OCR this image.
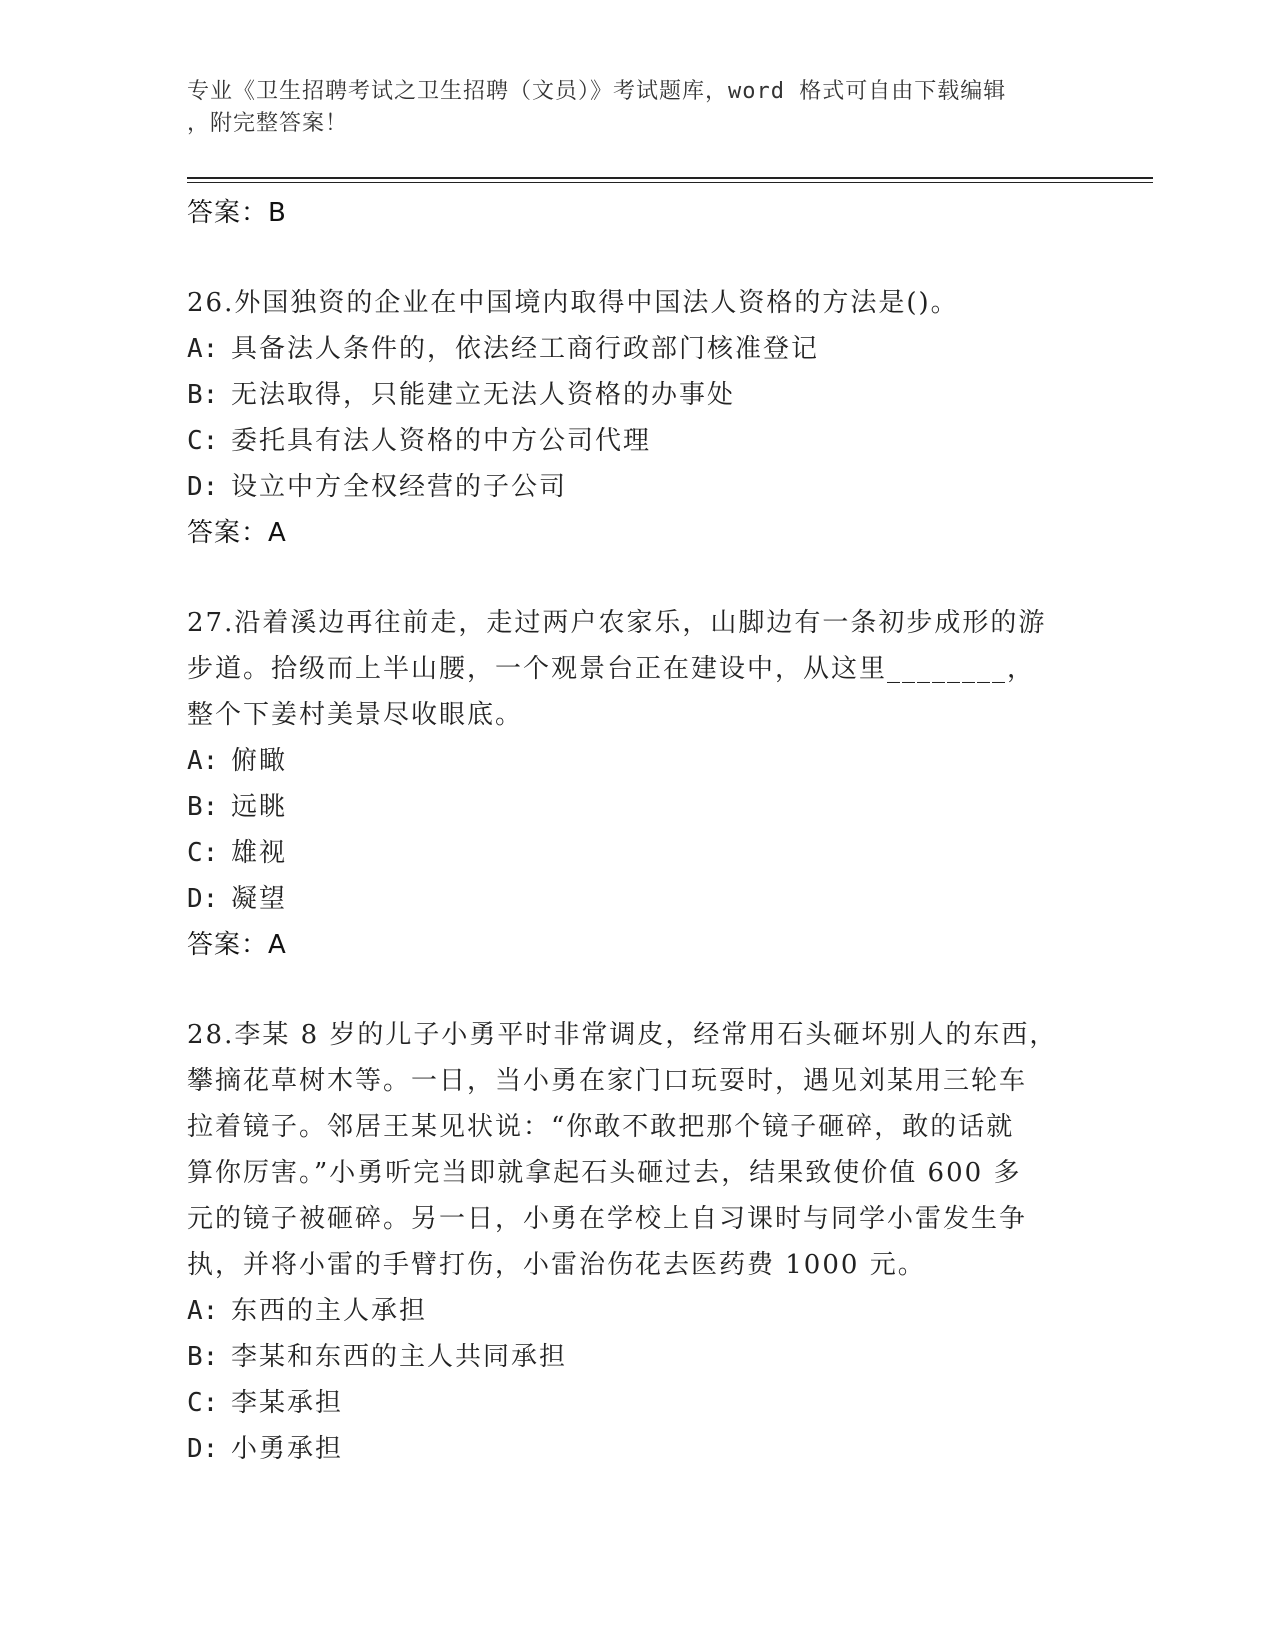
专业《卫生招聘考试之卫生招聘（文员）》考试题库，word 格式可自由下载编辑
，附完整答案！
答案：B
26.外国独资的企业在中国境内取得中国法人资格的方法是()。
A: 具备法人条件的，依法经工商行政部门核准登记
B: 无法取得，只能建立无法人资格的办事处
C: 委托具有法人资格的中方公司代理
D: 设立中方全权经营的子公司
答案：A
27.沿着溪边再往前走，走过两户农家乐，山脚边有一条初步成形的游
步道。拾级而上半山腰，一个观景台正在建设中，从这里________，
整个下姜村美景尽收眼底。
A: 俯瞰
B: 远眺
C: 雄视
D: 凝望
答案：A
28.李某 8 岁的儿子小勇平时非常调皮，经常用石头砸坏别人的东西，
攀摘花草树木等。一日，当小勇在家门口玩耍时，遇见刘某用三轮车
拉着镜子。邻居王某见状说：“你敢不敢把那个镜子砸碎，敢的话就
算你厉害。”小勇听完当即就拿起石头砸过去，结果致使价值 600 多
元的镜子被砸碎。另一日，小勇在学校上自习课时与同学小雷发生争
执，并将小雷的手臂打伤，小雷治伤花去医药费 1000 元。
A: 东西的主人承担
B: 李某和东西的主人共同承担
C: 李某承担
D: 小勇承担
